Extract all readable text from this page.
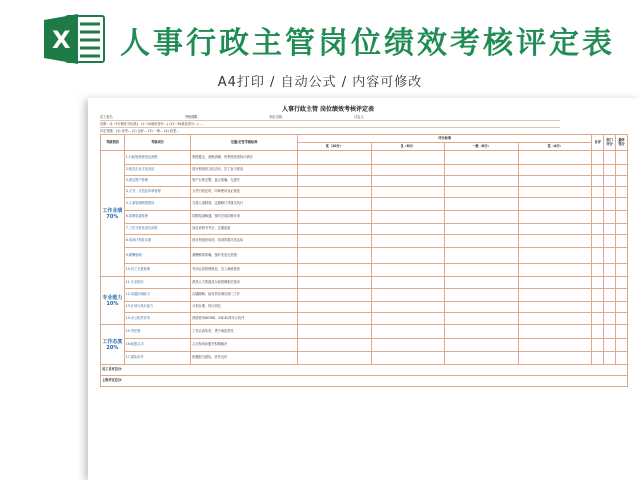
X 人事行政主管岗位绩效考核评定表
A4打印 / 自动公式 / 内容可修改
人事行政主管 岗位绩效考核评定表
员工姓名	考核期限	职位名称	评定人
说明：(1~5分制评分标准)：(1~10最低得分…) (21~30最高得分…) …
评定等级：(1) 优秀… (2) 良好… (3) 一般… (4) 较差…
考核类别	考核项目	定量/定性考核标准	评分标准				自评	部门评分	最终得分
			优（10分）	良（8分）	一般（6分）	差（4分）			
工作业绩70%	1.行政管理规范及流程	制度健全，流程清晰，每季度检查执行情况							
	2.相关企业文化活动	按计划组织文化活动，员工参与度高							
	3.固定资产管理	资产台账完整，盘点准确，无遗失							
	4.文书、文档及印章管理	文件归档及时，印章使用登记规范							
	5.人事管理制度建设	完善人事制度，定期修订并落实执行							
	6.招聘渠道管理	招聘渠道畅通，按时完成招聘计划							
	7.工作分析及岗位说明	岗位说明书齐全，定期更新							
	8.培训计划及实施	按计划组织培训，培训效果评估达标							
	9.薪酬管理	薪酬核算准确，按时发放无差错							
	10.员工关系管理	劳动合同管理规范，员工满意度高							
专业能力10%	11.专业知识	熟悉人力资源及行政管理相关知识							
	12.沟通协调能力	沟通顺畅，能有效协调各部门工作							
	13.计划与执行能力	计划合理，执行到位							
	14.办公软件应用	熟练使用WORD、EXCEL等办公软件							
工作态度20%	15.责任感	工作认真负责，勇于承担责任							
	16.积极主动	主动发现问题并积极解决							
	17.团队协作	积极配合团队，协作良好							
员工自评总分：									
上级评定总分：									
